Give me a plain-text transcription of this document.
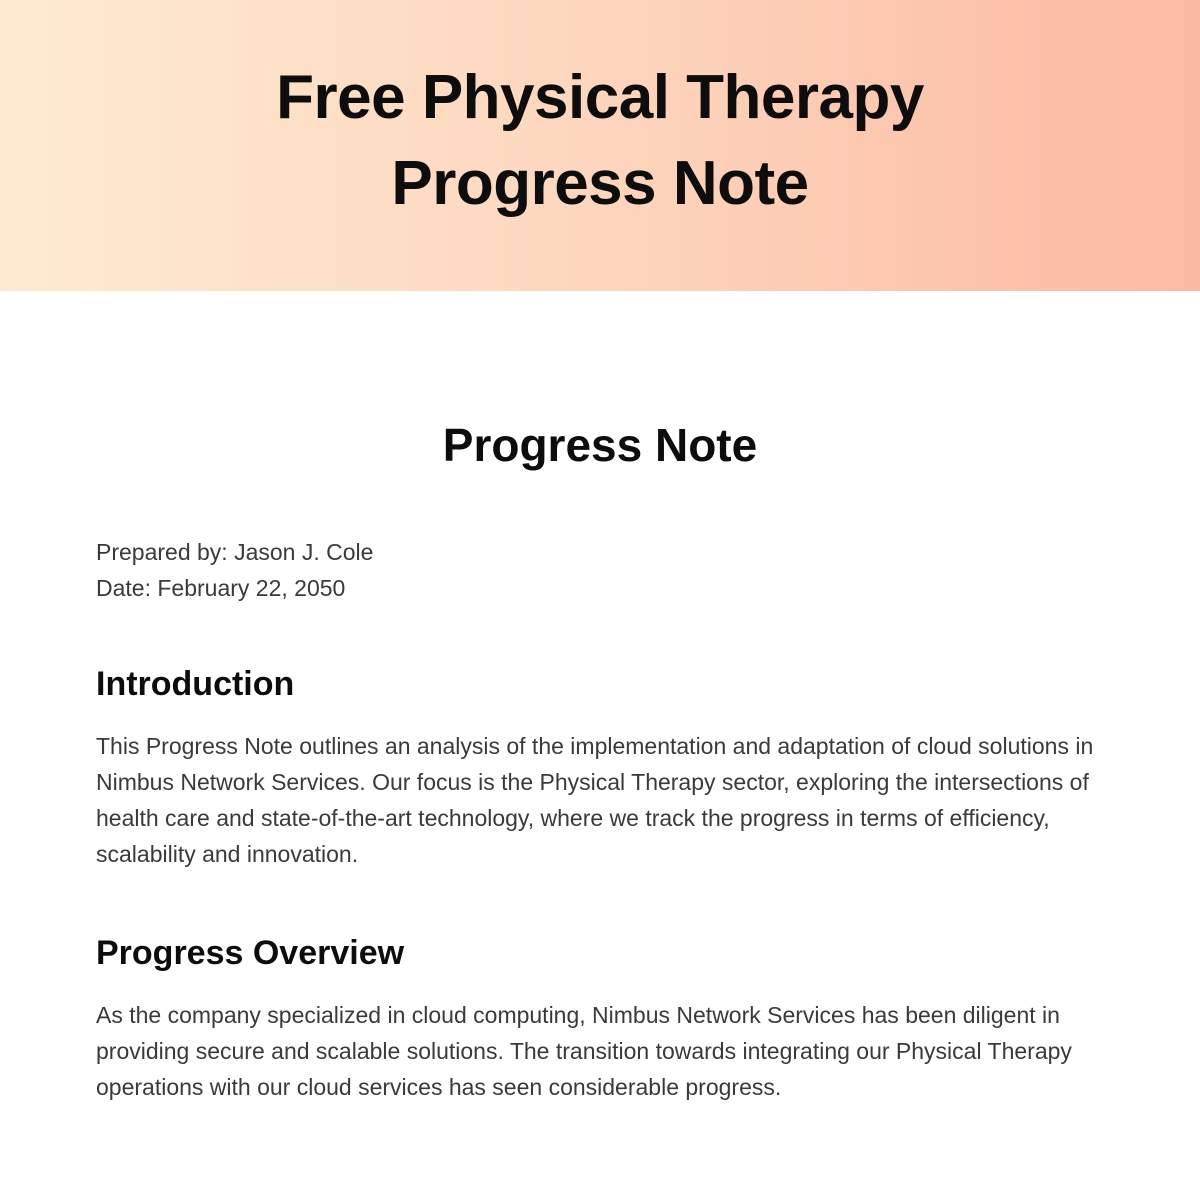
Free Physical Therapy Progress Note
Progress Note
Prepared by: Jason J. Cole
Date: February 22, 2050
Introduction

This Progress Note outlines an analysis of the implementation and adaptation of cloud solutions in Nimbus Network Services. Our focus is the Physical Therapy sector, exploring the intersections of health care and state-of-the-art technology, where we track the progress in terms of efficiency, scalability and innovation.

Progress Overview

As the company specialized in cloud computing, Nimbus Network Services has been diligent in providing secure and scalable solutions. The transition towards integrating our Physical Therapy operations with our cloud services has seen considerable progress.
